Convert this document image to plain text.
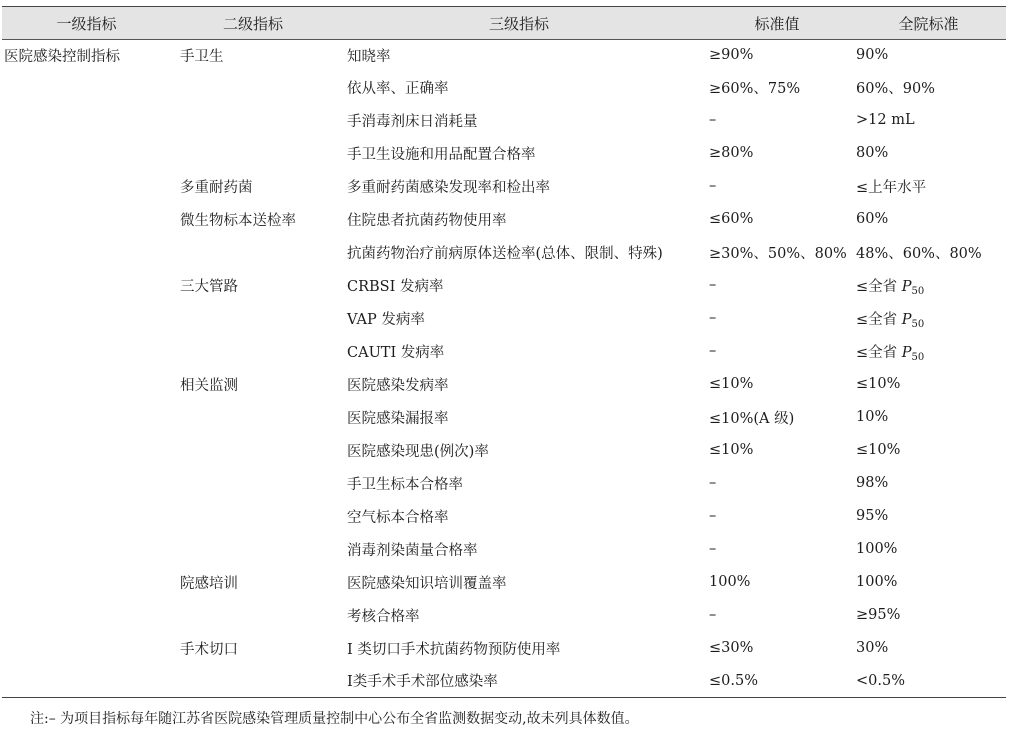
一级指标	二级指标	三级指标	标准值	全院标准
医院感染控制指标	手卫生	知晓率	≥90%	90%
		依从率、正确率	≥60%、75%	60%、90%
		手消毒剂床日消耗量	–	>12 mL
		手卫生设施和用品配置合格率	≥80%	80%
	多重耐药菌	多重耐药菌感染发现率和检出率	–	≤上年水平
	微生物标本送检率	住院患者抗菌药物使用率	≤60%	60%
		抗菌药物治疗前病原体送检率(总体、限制、特殊)	≥30%、50%、80%	48%、60%、80%
	三大管路	CRBSI 发病率	–	≤全省 $P_{50}$
		VAP 发病率	–	≤全省 $P_{50}$
		CAUTI 发病率	–	≤全省 $P_{50}$
	相关监测	医院感染发病率	≤10%	≤10%
		医院感染漏报率	≤10%(A 级)	10%
		医院感染现患(例次)率	≤10%	≤10%
		手卫生标本合格率	–	98%
		空气标本合格率	–	95%
		消毒剂染菌量合格率	–	100%
	院感培训	医院感染知识培训覆盖率	100%	100%
		考核合格率	–	≥95%
	手术切口	I 类切口手术抗菌药物预防使用率	≤30%	30%
		Ⅰ类手术手术部位感染率	≤0.5%	<0.5%
注:– 为项目指标每年随江苏省医院感染管理质量控制中心公布全省监测数据变动,故未列具体数值。
